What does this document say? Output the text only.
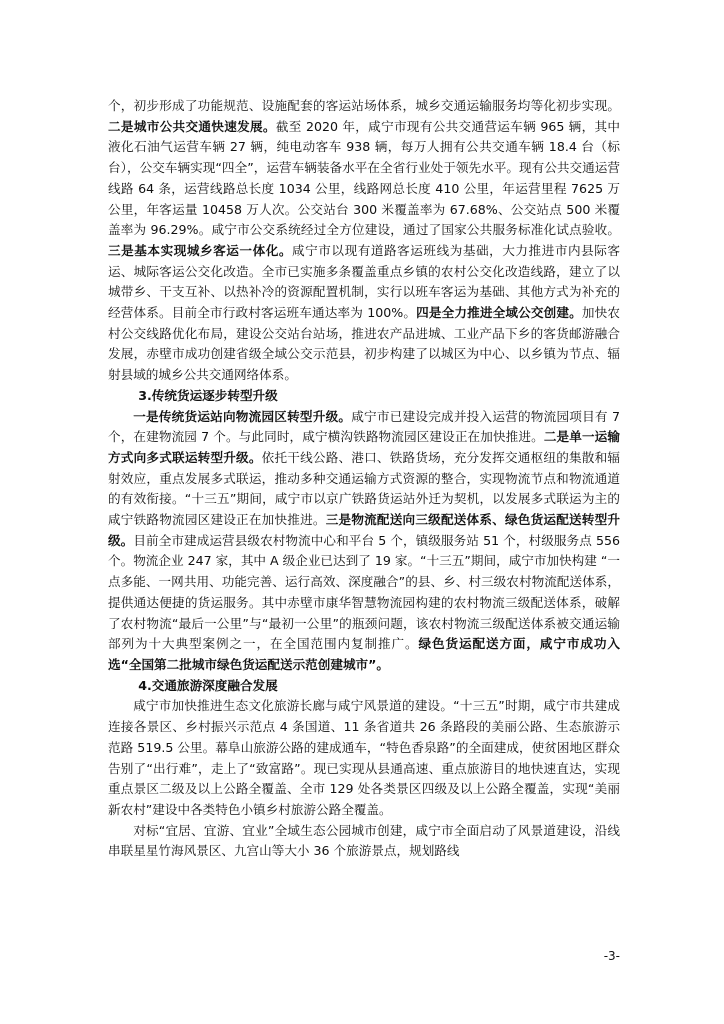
个，初步形成了功能规范、设施配套的客运站场体系，城乡交通运输服务均等化初步实现。二是城市公共交通快速发展。截至 2020 年，咸宁市现有公共交通营运车辆 965 辆，其中液化石油气运营车辆 27 辆，纯电动客车 938 辆，每万人拥有公共交通车辆 18.4 台（标台），公交车辆实现“四全”，运营车辆装备水平在全省行业处于领先水平。现有公共交通运营线路 64 条，运营线路总长度 1034 公里，线路网总长度 410 公里，年运营里程 7625 万公里，年客运量 10458 万人次。公交站台 300 米覆盖率为 67.68%、公交站点 500 米覆盖率为 96.29%。咸宁市公交系统经过全方位建设，通过了国家公共服务标准化试点验收。三是基本实现城乡客运一体化。咸宁市以现有道路客运班线为基础，大力推进市内县际客运、城际客运公交化改造。全市已实施多条覆盖重点乡镇的农村公交化改造线路，建立了以城带乡、干支互补、以热补冷的资源配置机制，实行以班车客运为基础、其他方式为补充的经营体系。目前全市行政村客运班车通达率为 100%。四是全力推进全域公交创建。加快农村公交线路优化布局，建设公交站台站场，推进农产品进城、工业产品下乡的客货邮游融合发展，赤壁市成功创建省级全域公交示范县，初步构建了以城区为中心、以乡镇为节点、辐射县域的城乡公共交通网络体系。

3.传统货运逐步转型升级

一是传统货运站向物流园区转型升级。咸宁市已建设完成并投入运营的物流园项目有 7 个，在建物流园 7 个。与此同时，咸宁横沟铁路物流园区建设正在加快推进。二是单一运输方式向多式联运转型升级。依托干线公路、港口、铁路货场，充分发挥交通枢纽的集散和辐射效应，重点发展多式联运，推动多种交通运输方式资源的整合，实现物流节点和物流通道的有效衔接。“十三五”期间，咸宁市以京广铁路货运站外迁为契机，以发展多式联运为主的咸宁铁路物流园区建设正在加快推进。三是物流配送向三级配送体系、绿色货运配送转型升级。目前全市建成运营县级农村物流中心和平台 5 个，镇级服务站 51 个，村级服务点 556 个。物流企业 247 家，其中 A 级企业已达到了 19 家。“十三五”期间，咸宁市加快构建 “一点多能、一网共用、功能完善、运行高效、深度融合”的县、乡、村三级农村物流配送体系，提供通达便捷的货运服务。其中赤壁市康华智慧物流园构建的农村物流三级配送体系，破解了农村物流“最后一公里”与“最初一公里”的瓶颈问题，该农村物流三级配送体系被交通运输部列为十大典型案例之一，在全国范围内复制推广。绿色货运配送方面，咸宁市成功入选“全国第二批城市绿色货运配送示范创建城市”。

4.交通旅游深度融合发展

咸宁市加快推进生态文化旅游长廊与咸宁风景道的建设。“十三五”时期，咸宁市共建成连接各景区、乡村振兴示范点 4 条国道、11 条省道共 26 条路段的美丽公路、生态旅游示范路 519.5 公里。幕阜山旅游公路的建成通车，“特色香泉路”的全面建成，使贫困地区群众告别了“出行难”，走上了“致富路”。现已实现从县通高速、重点旅游目的地快速直达，实现重点景区二级及以上公路全覆盖、全市 129 处各类景区四级及以上公路全覆盖，实现“美丽新农村”建设中各类特色小镇乡村旅游公路全覆盖。

对标“宜居、宜游、宜业”全域生态公园城市创建，咸宁市全面启动了风景道建设，沿线串联星星竹海风景区、九宫山等大小 36 个旅游景点，规划路线

-3-
